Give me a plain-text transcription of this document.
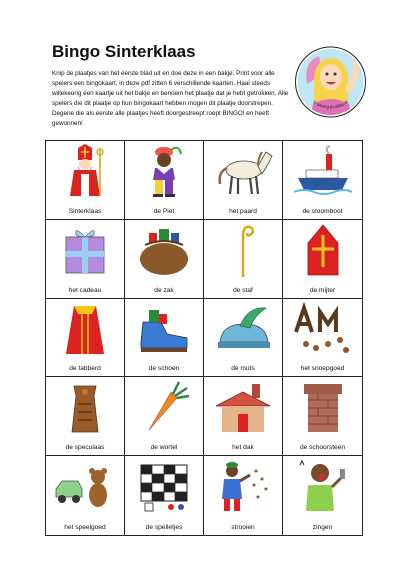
Bingo Sinterklaas

Knip de plaatjes van het eerste blad uit en doe deze in een bakje. Print voor alle spelers een bingokaart, in deze pdf zitten 6 verschillende kaarten. Haal steeds willekeurig een kaartje uit het bakje en benoem het plaatje dat je hebt getrokken. Alle spelers die dit plaatje op hun bingokaart hebben mogen dit plaatje doorstrepen. Degene die als eerste alle plaatjes heeft doorgestreept roept BINGO! en heeft gewonnen!

© www.juf-milou.nl
Sinterklaas	de Piet	het paard	de stoomboot
het cadeau	de zak	de staf	de mijter
de tabberd	de schoen	de muts	het snoepgoed
de speculaas	de wortel	het dak	de schoorsteen
het speelgoed	de spelletjes	strooien	zingen
